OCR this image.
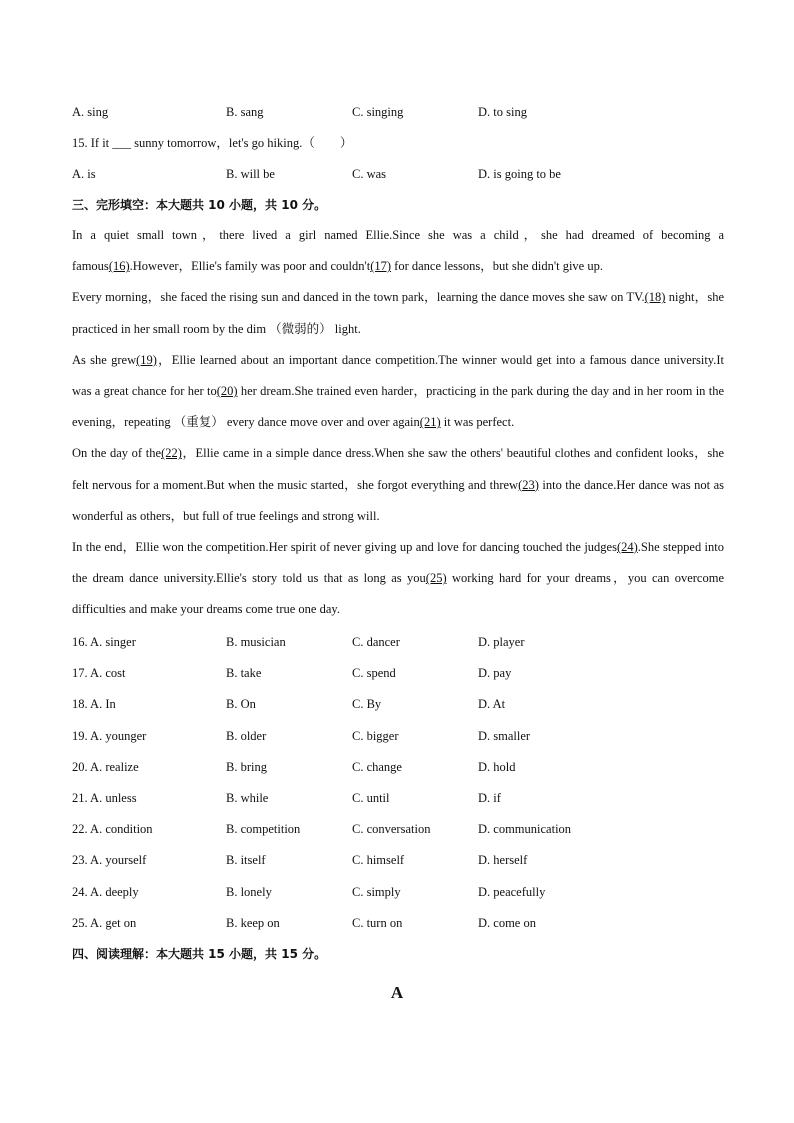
A. sing	B. sang	C. singing	D. to sing
15. If it ___ sunny tomorrow，let's go hiking.（　　）
A. is	B. will be	C. was	D. is going to be
三、完形填空：本大题共 10 小题，共 10 分。

In a quiet small town，there lived a girl named Ellie.Since she was a child，she had dreamed of becoming a famous(16).However，Ellie's family was poor and couldn't(17) for dance lessons，but she didn't give up.

Every morning，she faced the rising sun and danced in the town park，learning the dance moves she saw on TV.(18) night，she practiced in her small room by the dim （微弱的） light.

As she grew(19)，Ellie learned about an important dance competition.The winner would get into a famous dance university.It was a great chance for her to(20) her dream.She trained even harder，practicing in the park during the day and in her room in the evening，repeating （重复） every dance move over and over again(21) it was perfect.

On the day of the(22)，Ellie came in a simple dance dress.When she saw the others' beautiful clothes and confident looks，she felt nervous for a moment.But when the music started，she forgot everything and threw(23) into the dance.Her dance was not as wonderful as others，but full of true feelings and strong will.

In the end，Ellie won the competition.Her spirit of never giving up and love for dancing touched the judges(24).She stepped into the dream dance university.Ellie's story told us that as long as you(25) working hard for your dreams，you can overcome difficulties and make your dreams come true one day.

16. A. singer	B. musician	C. dancer	D. player
17. A. cost	B. take	C. spend	D. pay
18. A. In	B. On	C. By	D. At
19. A. younger	B. older	C. bigger	D. smaller
20. A. realize	B. bring	C. change	D. hold
21. A. unless	B. while	C. until	D. if
22. A. condition	B. competition	C. conversation	D. communication
23. A. yourself	B. itself	C. himself	D. herself
24. A. deeply	B. lonely	C. simply	D. peacefully
25. A. get on	B. keep on	C. turn on	D. come on
四、阅读理解：本大题共 15 小题，共 15 分。
A
